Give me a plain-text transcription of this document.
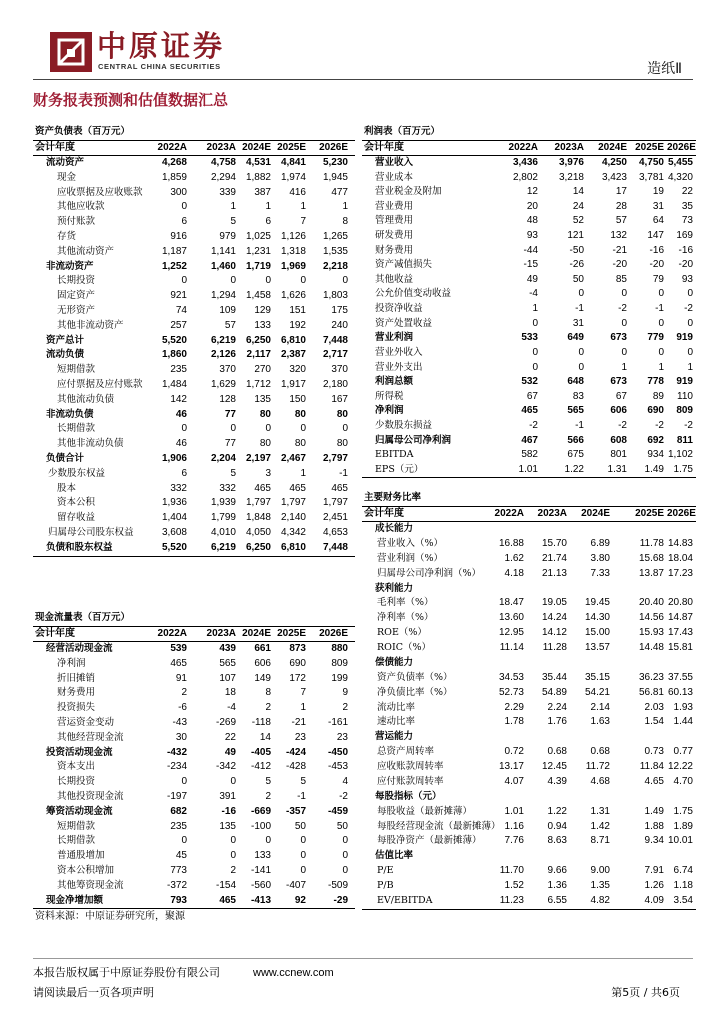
中原证券
CENTRAL CHINA SECURITIES	造纸Ⅱ
财务报表预测和估值数据汇总
资产负债表（百万元）
会计年度	2022A	2023A 2024E 2025E	2026E
流动资产	4,268	4,758 4,531 4,841	5,230
现金	1,859	2,294 1,882 1,974	1,945
应收票据及应收账款	300	339	387	416	477
其他应收款	0	1	1	1	1
预付账款	6	5	6	7	8
存货	916	979 1,025 1,126	1,265
其他流动资产	1,187	1,141 1,231 1,318	1,535
非流动资产	1,252	1,460 1,719 1,969	2,218
长期投资	0	0	0	0	0
固定资产	921	1,294 1,458 1,626	1,803
无形资产	74	109	129	151	175
其他非流动资产	257	57	133	192	240
资产总计	5,520	6,219 6,250 6,810	7,448
流动负债	1,860	2,126	2,117 2,387	2,717
短期借款	235	370	270	320	370
应付票据及应付账款	1,484	1,629 1,712 1,917	2,180
其他流动负债	142	128	135	150	167
非流动负债	46	77	80	80	80
长期借款	0	0	0	0	0
其他非流动负债	46	77	80	80	80
负债合计	1,906	2,204 2,197 2,467	2,797
少数股东权益	6	5	3	1	-1
股本	332	332	465	465	465
资本公积	1,936	1,939 1,797 1,797	1,797
留存收益	1,404	1,799 1,848 2,140	2,451
归属母公司股东权益	3,608	4,010 4,050 4,342	4,653
负债和股东权益	5,520	6,219 6,250 6,810	7,448
现金流量表（百万元）
会计年度	2022A	2023A 2024E 2025E	2026E
经营活动现金流	539	439	661	873	880
净利润	465	565	606	690	809
折旧摊销	91	107	149	172	199
财务费用	2	18	8	7	9
投资损失	-6	-4	2	1	2
营运资金变动	-43	-269	-118	-21	-161
其他经营现金流	30	22	14	23	23
投资活动现金流	-432	49	-405	-424	-450
资本支出	-234	-342	-412	-428	-453
长期投资	0	0	5	5	4
其他投资现金流	-197	391	2	-1	-2
筹资活动现金流	682	-16	-669	-357	-459
短期借款	235	135	-100	50	50
长期借款	0	0	0	0	0
普通股增加	45	0	133	0	0
资本公积增加	773	2	-141	0	0
其他筹资现金流	-372	-154	-560	-407	-509
现金净增加额	793	465	-413	92	-29
利润表（百万元）
会计年度	2022A	2023A	2024E 2025E 2026E
营业收入	3,436	3,976	4,250	4,750 5,455
营业成本	2,802	3,218	3,423	3,781 4,320
营业税金及附加	12	14	17	19	22
营业费用	20	24	28	31	35
管理费用	48	52	57	64	73
研发费用	93	121	132	147	169
财务费用	-44	-50	-21	-16	-16
资产减值损失	-15	-26	-20	-20	-20
其他收益	49	50	85	79	93
公允价值变动收益	-4	0	0	0	0
投资净收益	1	-1	-2	-1	-2
资产处置收益	0	31	0	0	0
营业利润	533	649	673	779	919
营业外收入	0	0	0	0	0
营业外支出	0	0	1	1	1
利润总额	532	648	673	778	919
所得税	67	83	67	89	110
净利润	465	565	606	690	809
少数股东损益	-2	-1	-2	-2	-2
归属母公司净利润	467	566	608	692	811
EBITDA	582	675	801	934 1,102
EPS（元）	1.01	1.22	1.31	1.49 1.75
主要财务比率
会计年度	2022A	2023A	2024E	2025E 2026E
成长能力
营业收入（%）	16.88	15.70	6.89	11.78 14.83
营业利润（%）	1.62	21.74	3.80	15.68 18.04
归属母公司净利润（%）	4.18	21.13	7.33	13.87 17.23
获利能力
毛利率（%）	18.47	19.05	19.45	20.40 20.80
净利率（%）	13.60	14.24	14.30	14.56 14.87
ROE（%）	12.95	14.12	15.00	15.93 17.43
ROIC（%）	11.14	11.28	13.57	14.48 15.81
偿债能力
资产负债率（%）	34.53	35.44	35.15	36.23 37.55
净负债比率（%）	52.73	54.89	54.21	56.81 60.13
流动比率	2.29	2.24	2.14	2.03 1.93
速动比率	1.78	1.76	1.63	1.54 1.44
营运能力
总资产周转率	0.72	0.68	0.68	0.73 0.77
应收账款周转率	13.17	12.45	11.72	11.84 12.22
应付账款周转率	4.07	4.39	4.68	4.65 4.70
每股指标（元）
每股收益（最新摊薄）	1.01	1.22	1.31	1.49 1.75
每股经营现金流（最新摊薄） 1.16	0.94	1.42	1.88 1.89
每股净资产（最新摊薄）	7.76	8.63	8.71	9.34 10.01
估值比率
P/E	11.70	9.66	9.00	7.91 6.74
P/B	1.52	1.36	1.35	1.26 1.18
EV/EBITDA	11.23	6.55	4.82	4.09 3.54
资料来源：中原证券研究所，聚源
本报告版权属于中原证券股份有限公司	www.ccnew.com
请阅读最后一页各项声明	第5页 / 共6页
